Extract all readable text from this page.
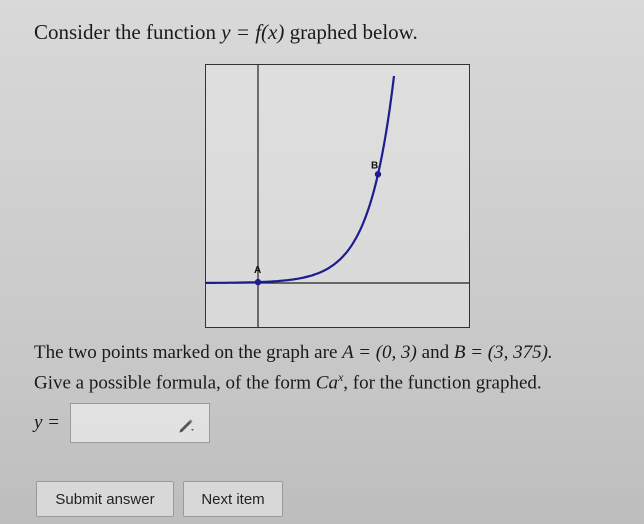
Consider the function y = f(x) graphed below.
A
B
The two points marked on the graph are A = (0, 3) and B = (3, 375).
Give a possible formula, of the form Ca$^x$, for the function graphed.
y =
Submit answer	Next item
